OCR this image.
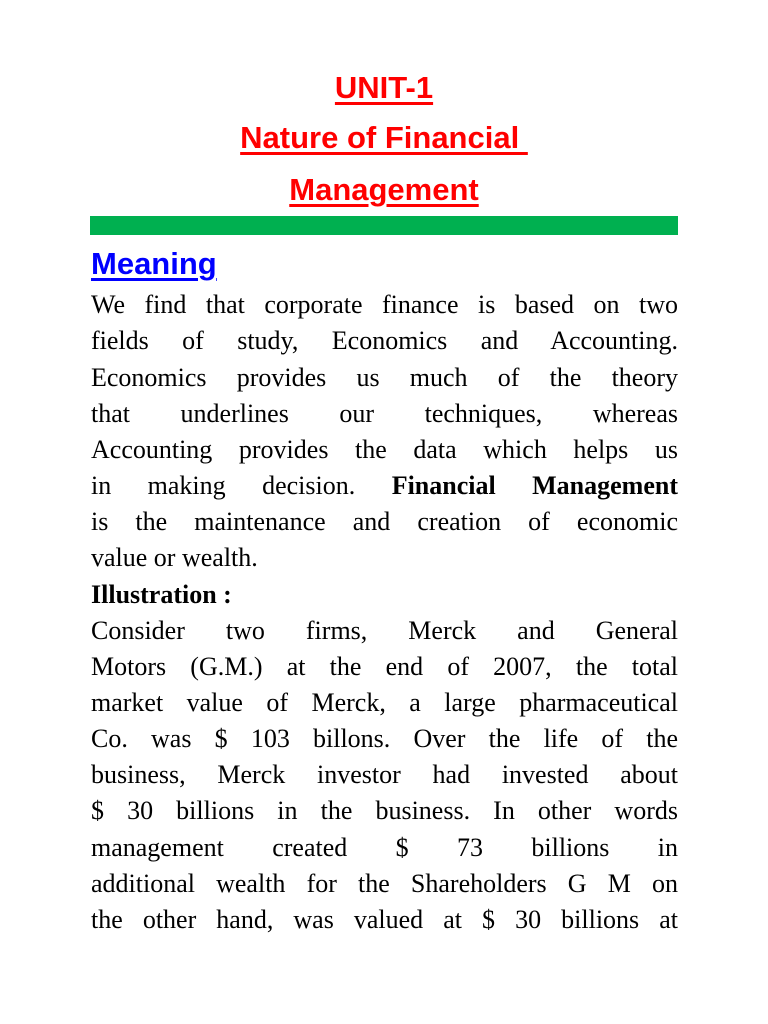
UNIT-1
Nature of Financial
Management
Meaning
We find that corporate finance is based on two
fields of study, Economics and Accounting.
Economics provides us much of the theory
that underlines our techniques, whereas
Accounting provides the data which helps us
in making decision. Financial Management
is the maintenance and creation of economic
value or wealth.
Illustration :
Consider two firms, Merck and General
Motors (G.M.) at the end of 2007, the total
market value of Merck, a large pharmaceutical
Co. was $ 103 billons. Over the life of the
business, Merck investor had invested about
$ 30 billions in the business. In other words
management created $ 73 billions in
additional wealth for the Shareholders G M on
the other hand, was valued at $ 30 billions at
